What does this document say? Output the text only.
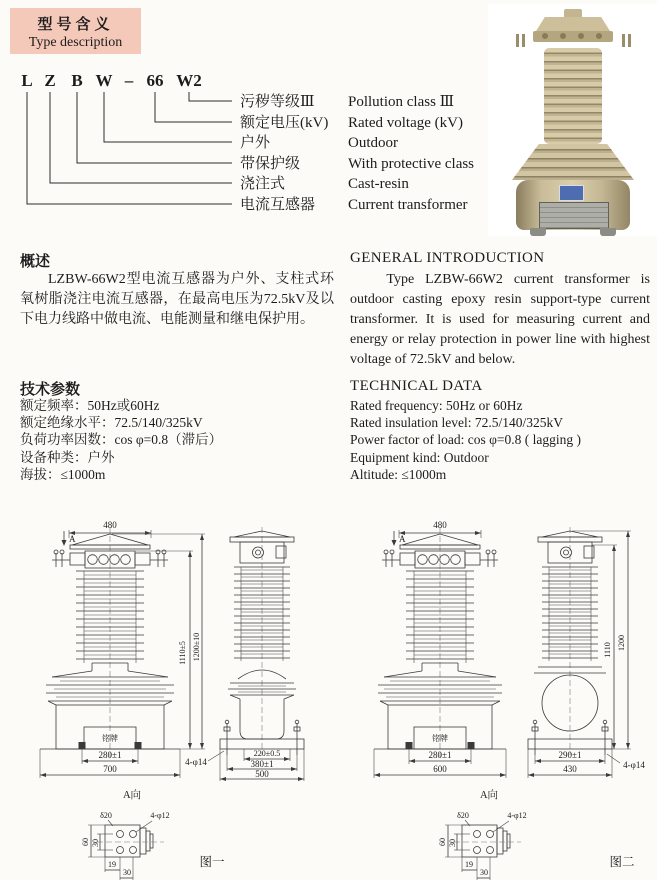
型号含义
Type description
L Z B W – 66 W2
污秽等级Ⅲ
额定电压(kV)
户外
带保护级
浇注式
电流互感器
Pollution class Ⅲ
Rated voltage (kV)
Outdoor
With protective class
Cast-resin
Current transformer
概述
LZBW-66W2型电流互感器为户外、支柱式环氧树脂浇注电流互感器，在最高电压为72.5kV及以下电力线路中做电流、电能测量和继电保护用。
GENERAL INTRODUCTION
Type LZBW-66W2 current transformer is outdoor casting epoxy resin support-type current transformer. It is used for measuring current and energy or relay protection in power line with highest voltage of 72.5kV and below.
技术参数
额定频率：50Hz或60Hz
额定绝缘水平：72.5/140/325kV
负荷功率因数：cos φ=0.8（滞后）
设备种类：户外
海拔：≤1000m
TECHNICAL DATA
Rated frequency: 50Hz or 60Hz
Rated insulation level: 72.5/140/325kV
Power factor of load: cos φ=0.8 ( lagging )
Equipment kind: Outdoor
Altitude: ≤1000m
480
A
铭牌
280±1
700
1110±5 1200±10
220±0.5
380±1
500
4-φ14
A向
δ20	4-φ12
60 30
19
30
图一
480
A
铭牌
280±1
600
1110 1200
290±1
430	4-φ14
A向
δ20	4-φ12
60 30
19
30
图二
